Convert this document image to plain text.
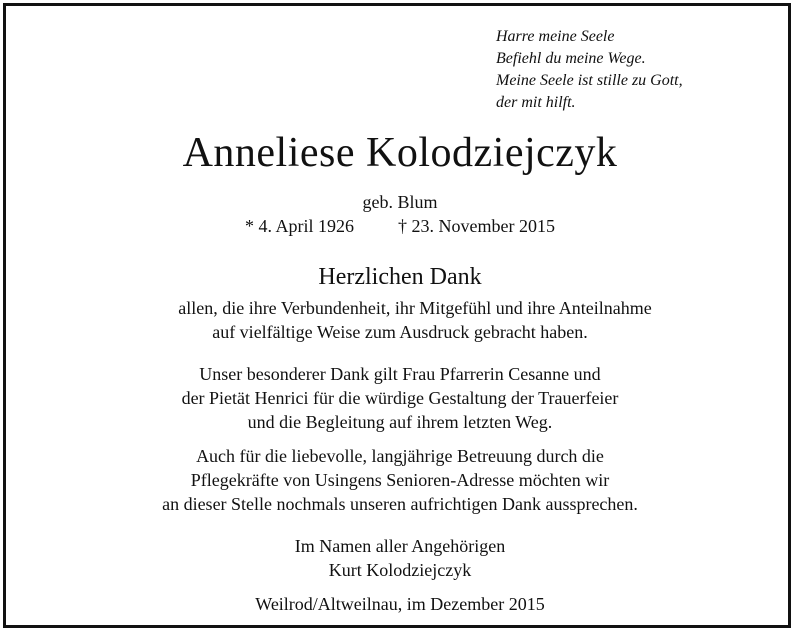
Harre meine Seele
Befiehl du meine Wege.
Meine Seele ist stille zu Gott,
der mit hilft.
Anneliese Kolodziejczyk
geb. Blum
* 4. April 1926 † 23. November 2015
Herzlichen Dank
allen, die ihre Verbundenheit, ihr Mitgefühl und ihre Anteilnahme
auf vielfältige Weise zum Ausdruck gebracht haben.
Unser besonderer Dank gilt Frau Pfarrerin Cesanne und
der Pietät Henrici für die würdige Gestaltung der Trauerfeier
und die Begleitung auf ihrem letzten Weg.
Auch für die liebevolle, langjährige Betreuung durch die
Pflegekräfte von Usingens Senioren-Adresse möchten wir
an dieser Stelle nochmals unseren aufrichtigen Dank aussprechen.
Im Namen aller Angehörigen
Kurt Kolodziejczyk
Weilrod/Altweilnau, im Dezember 2015
